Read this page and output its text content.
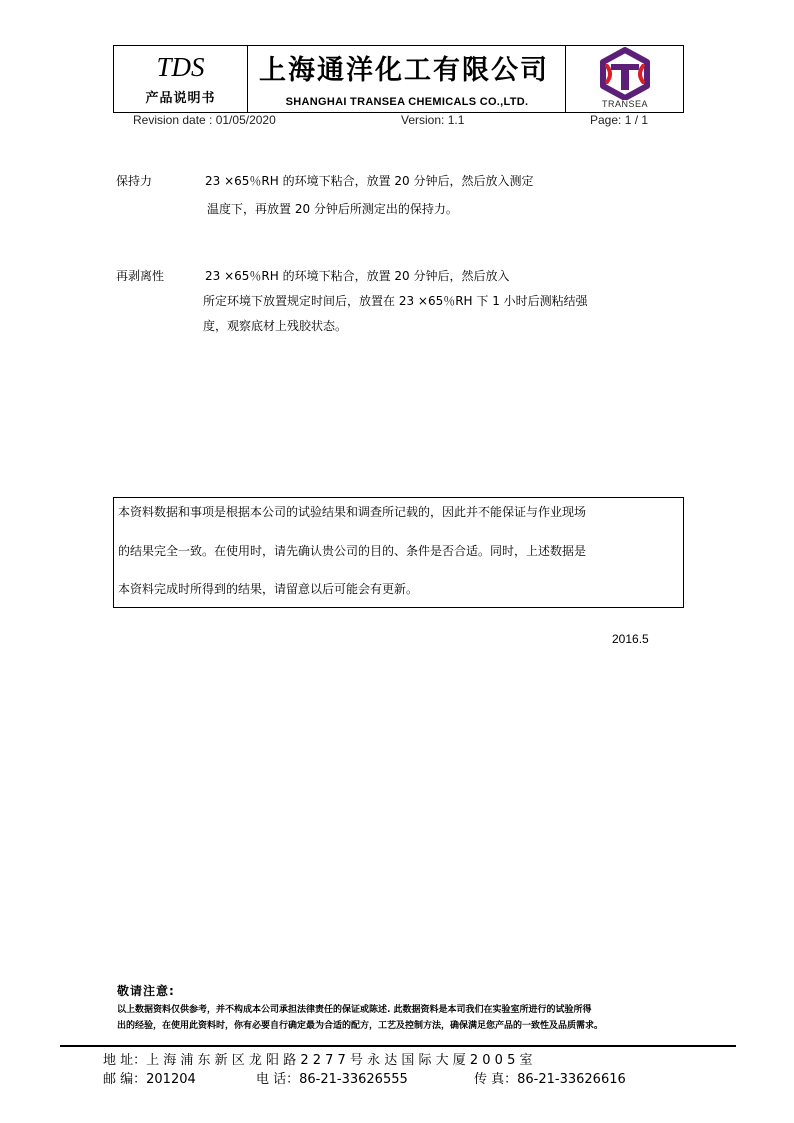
TDS
产品说明书
上海通洋化工有限公司
SHANGHAI TRANSEA CHEMICALS CO.,LTD.	TRANSEA
Revision date : 01/05/2020	Version: 1.1	Page: 1 / 1
保持力	23 ×65％RH 的环境下粘合，放置 20 分钟后，然后放入测定
温度下，再放置 20 分钟后所测定出的保持力。
再剥离性	23 ×65％RH 的环境下粘合，放置 20 分钟后，然后放入
所定环境下放置规定时间后，放置在 23 ×65％RH 下 1 小时后测粘结强
度，观察底材上残胶状态。
本资料数据和事项是根据本公司的试验结果和调查所记载的，因此并不能保证与作业现场
的结果完全一致。在使用时，请先确认贵公司的目的、条件是否合适。同时，上述数据是
本资料完成时所得到的结果，请留意以后可能会有更新。
2016.5
敬请注意:
以上数据资料仅供参考，并不构成本公司承担法律责任的保证或陈述. 此数据资料是本司我们在实验室所进行的试验所得
出的经验，在使用此资料时，你有必要自行确定最为合适的配方，工艺及控制方法，确保满足您产品的一致性及品质需求。
地 址：上 海 浦 东 新 区 龙 阳 路 2 2 7 7 号 永 达 国 际 大 厦 2 0 0 5 室
邮 编：201204	电 话：86-21-33626555	传 真：86-21-33626616
